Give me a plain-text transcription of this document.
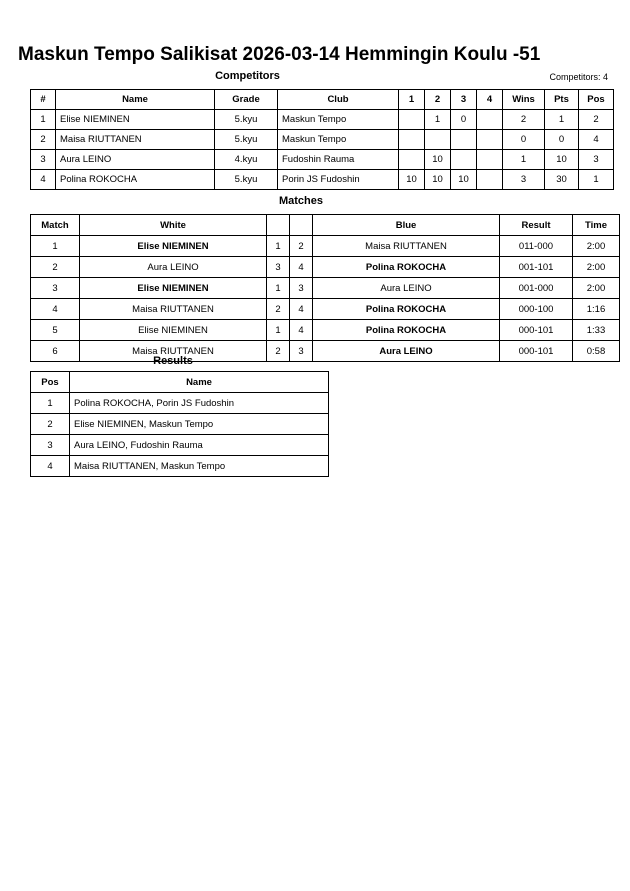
Maskun Tempo Salikisat 2026-03-14 Hemmingin Koulu -51
Competitors	Competitors: 4
#	Name	Grade	Club	1	2	3	4	Wins	Pts	Pos
1	Elise NIEMINEN	5.kyu	Maskun Tempo		1	0		2	1	2
2	Maisa RIUTTANEN	5.kyu	Maskun Tempo					0	0	4
3	Aura LEINO	4.kyu	Fudoshin Rauma		10			1	10	3
4	Polina ROKOCHA	5.kyu	Porin JS Fudoshin	10	10	10		3	30	1
Matches
Match	White			Blue	Result	Time
1	Elise NIEMINEN	1	2	Maisa RIUTTANEN	011-000	2:00
2	Aura LEINO	3	4	Polina ROKOCHA	001-101	2:00
3	Elise NIEMINEN	1	3	Aura LEINO	001-000	2:00
4	Maisa RIUTTANEN	2	4	Polina ROKOCHA	000-100	1:16
5	Elise NIEMINEN	1	4	Polina ROKOCHA	000-101	1:33
6	Maisa RIUTTANEN	2	3	Aura LEINO	000-101	0:58
Results
Pos	Name
1	Polina ROKOCHA, Porin JS Fudoshin
2	Elise NIEMINEN, Maskun Tempo
3	Aura LEINO, Fudoshin Rauma
4	Maisa RIUTTANEN, Maskun Tempo
